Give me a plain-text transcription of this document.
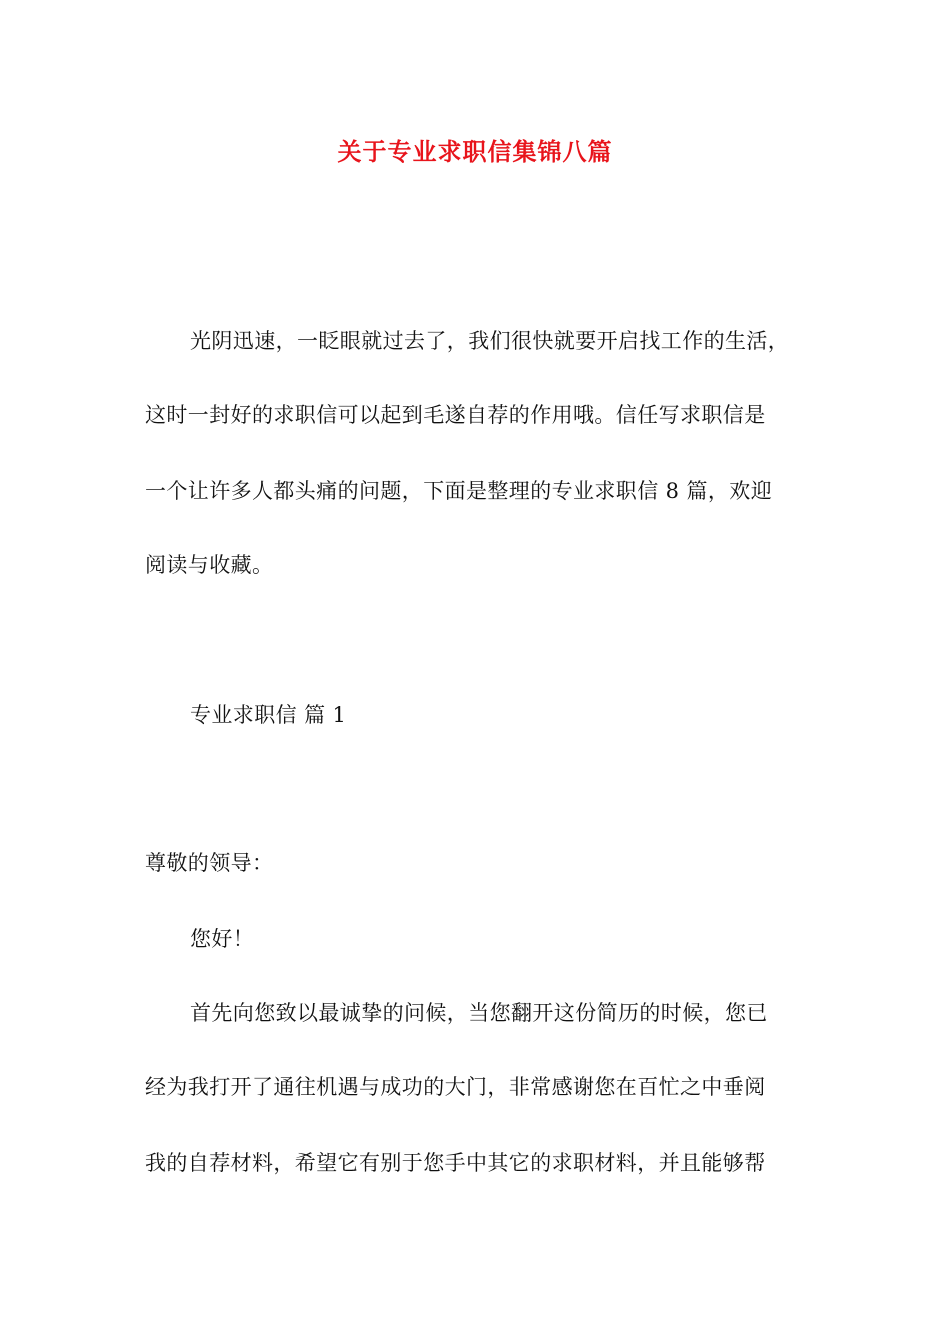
关于专业求职信集锦八篇
光阴迅速，一眨眼就过去了，我们很快就要开启找工作的生活，
这时一封好的求职信可以起到毛遂自荐的作用哦。信任写求职信是
一个让许多人都头痛的问题，下面是整理的专业求职信 8 篇，欢迎
阅读与收藏。
专业求职信 篇 1
尊敬的领导：
您好！
首先向您致以最诚挚的问候，当您翻开这份简历的时候，您已
经为我打开了通往机遇与成功的大门，非常感谢您在百忙之中垂阅
我的自荐材料，希望它有别于您手中其它的求职材料，并且能够帮
